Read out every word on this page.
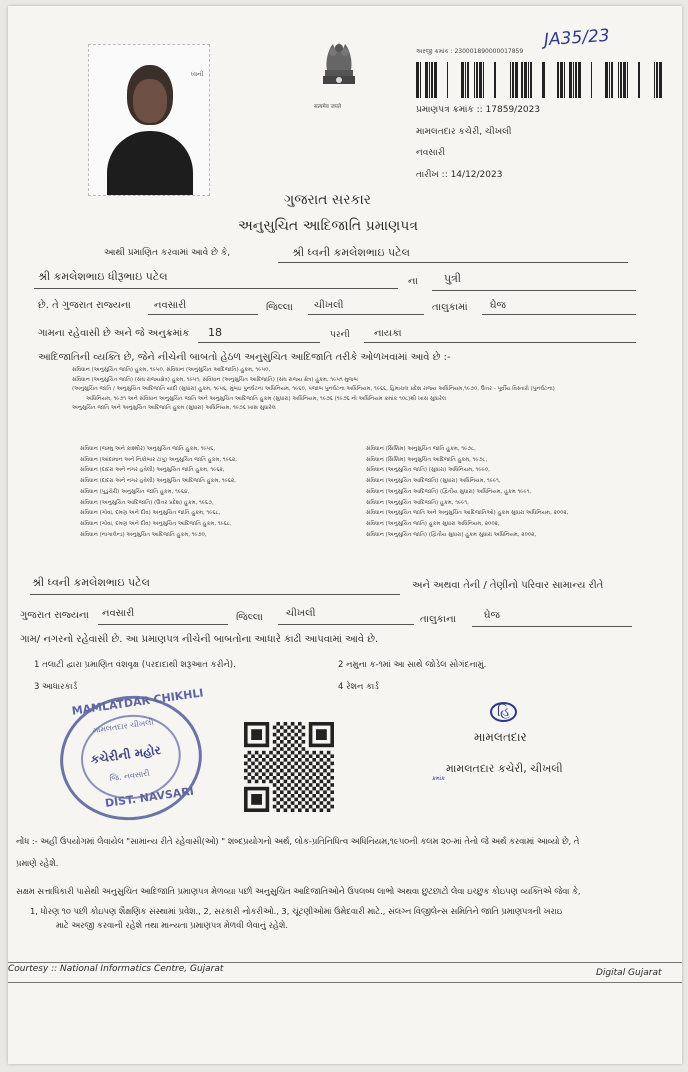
JA35/23
ધ્વની
सत्यमेव जयते
અરજી ક્રમાંક : 230001890000017859
પ્રમાણપત્ર ક્રમાંક :: 17859/2023
મામલતદાર કચેરી, ચીખલી
નવસારી
તારીખ :: 14/12/2023
ગુજરાત સરકાર
અનુસુચિત આદિજાતિ પ્રમાણપત્ર
આથી પ્રમાણિત કરવામાં આવે છે કે,	શ્રી ધ્વની કમલેશભાઇ પટેલ
શ્રી કમલેશભાઇ ધીરૂભાઇ પટેલ	ના પુત્રી
છે. તે ગુજરાત રાજ્યના નવસારી	જિલ્લા ચીખલી	તાલુકામાં ઘેજ
ગામના રહેવાસી છે અને જે અનુક્રમાંક 18	પરની નાયકા
આદિજાતિની વ્યક્તિ છે, જેને નીચેની બાબતો હેઠળ અનુસુચિત આદિજાતિ તરીકે ઓળખવામાં આવે છે :-
સંવિધાન (અનુસુચિત જાતિ) હુકમ, ૧૯૫૦, સંવિધાન (અનુસુચિત આદિજાતિ) હુકમ, ૧૯૫૦,
સંવિધાન (અનુસુચિત જાતિ) (સંઘ રાજ્યક્ષેત્ર) હુકમ, ૧૯૫૧, સંવિધાન (અનુસુચિત આદિજાતિ) (સંઘ રાજ્ય ક્ષેત્ર) હુકમ, ૧૯૫૧ મુજબ
(અનુસુચિત જાતિ / અનુસુચિત આદિજાતિ યાદી (સુધારા) હુકમ, ૧૯૫૬, મુંબઇ પુનર્ઘટના અધિનિયમ, ૧૯૬૦, પંજાબ પુનર્ઘટના અધિનિયમ, ૧૯૬૬, હિમાચલ પ્રદેશ રાજ્ય અધિનિયમ,૧૯૭૦, ઉત્તર - પૂર્વીય વિસ્તારો (પુનર્ઘટના)
અધિનિયમ, ૧૯૭૧ અને સંવિધાન અનુસુચિત જાતિ અને અનુસુચિત આદિજાતિ હુકમ (સુધારા) અધિનિયમ, ૧૯૭૬ (૧૯૭૬ નો અધિનિયમ ક્રમાંક ૧૦૮)થી ખાસ સુધારેલ
અનુસુચિત જાતિ અને અનુસુચિત આદિજાતિ હુકમ (સુધારા) અધિનિયમ, ૧૯૭૬ ખાસ સુધારેલ
સંવિધાન (જમ્મુ અને કાશ્મીર) અનુસુચિત જાતિ હુકમ, ૧૯૫૬,
સંવિધાન (આંદામાન અને નિકોબાર ટાપુ) અનુસુચિત જાતિ હુકમ, ૧૯૬૨,
સંવિધાન (દાદરા અને નગર હવેલી) અનુસુચિત જાતિ હુકમ, ૧૯૬૨,
સંવિધાન (દાદરા અને નગર હવેલી) અનુસુચિત આદિજાતિ હુકમ, ૧૯૬૨,
સંવિધાન (પુડુચેરી) અનુસુચિત જાતિ હુકમ, ૧૯૬૪,
સંવિધાન (અનુસુચિત આદિજાતિ) (ઉત્તર પ્રદેશ) હુકમ, ૧૯૬૭,
સંવિધાન (ગોવા, દમણ અને દીવ) અનુસુચિત જાતિ હુકમ, ૧૯૬૮,
સંવિધાન (ગોવા, દમણ અને દીવ) અનુસુચિત આદિજાતિ હુકમ, ૧૯૬૮,
સંવિધાન (નાગાલેન્ડ) અનુસુચિત આદિજાતિ હુકમ, ૧૯૭૦,
સંવિધાન (સિક્કિમ) અનુસુચિત જાતિ હુકમ, ૧૯૭૮,
સંવિધાન (સિક્કિમ) અનુસુચિત આદિજાતિ હુકમ, ૧૯૭૮,
સંવિધાન (અનુસુચિત જાતિ) (સુધારા) અધિનિયમ, ૧૯૯૦,
સંવિધાન (અનુસુચિત આદિજાતિ) (સુધારા) અધિનિયમ, ૧૯૯૧,
સંવિધાન (અનુસુચિત આદિજાતિ) (દ્વિતીય સુધારા) અધિનિયમ, હુકમ ૧૯૯૧,
સંવિધાન (અનુસુચિત આદિજાતિ) હુકમ, ૧૯૯૧,
સંવિધાન (અનુસુચિત જાતિ અને અનુસુચિત આદિજાતિઓ) હુકમ સુધારા અધિનિયમ, ૨૦૦૨,
સંવિધાન (અનુસુચિત જાતિ) હુકમ સુધારા અધિનિયમ, ૨૦૦૨,
સંવિધાન (અનુસુચિત જાતિ) (દ્વિતીય સુધારા) હુકમ સુધારા અધિનિયમ, ૨૦૦૨,
શ્રી ધ્વની કમલેશભાઇ પટેલ	અને અથવા તેની / તેણીનો પરિવાર સામાન્ય રીતે
ગુજરાત રાજ્યના નવસારી	જિલ્લા ચીખલી
તાલુકાના	ઘેજ
ગામ/ નગરનો રહેવાસી છે. આ પ્રમાણપત્ર નીચેની બાબતોના આધારે કાઢી આપવામાં આવે છે.
1 તલાટી દ્વારા પ્રમાણિત વંશવૃક્ષ (પરદાદાથી શરૂઆત કરીને).	2 નમુના ક-૧માં આ સાથે જોડેલ સોગંદનામું.
3 આધારકાર્ડ	4 રેશન કાર્ડ
MAMLATDAR CHIKHLI
મામલતદાર ચીખલી
કચેરીની મહોર
જિ. નવસારી
DIST. NAVSARI
હિ
મામલતદાર
મામલતદાર કચેરી, ચીખલી
ક્રમાંક
નોંધ :- અહીં ઉપયોગમાં લેવાયેલ "સામાન્ય રીતે રહેવાસી(ઓ) " શબ્દપ્રયોગનો અર્થ, લોક-પ્રતિનિધિત્વ અધિનિયમ,૧૯૫૦ની કલમ ૨૦-માં તેનો જે અર્થ કરવામાં આવ્યો છે, તે
પ્રમાણે રહેશે.
સક્ષમ સત્તાધિકારી પાસેથી અનુસુચિત આદિજાતિ પ્રમાણપત્ર મેળવ્યા પછી અનુસુચિત આદિજાતિઓને ઉપલબ્ધ લાભો અથવા છુટછાટો લેવા ઇચ્છુક કોઇપણ વ્યક્તિએ જેવા કે,
1, ધોરણ ૧૦ પછી કોઇપણ શૈક્ષણિક સંસ્થામાં પ્રવેશ., 2, સરકારી નોકરીઓ., 3, ચૂંટણીઓમાં ઉમેદવારી માટે., સંલગ્ન વિજીલેન્સ સમિતિને જાતિ પ્રમાણપત્રની ખરાઇ
માટે અરજી કરવાની રહેશે તથા માન્યતા પ્રમાણપત્ર મેળવી લેવાનું રહેશે.
Courtesy :: National Informatics Centre, Gujarat	Digital Gujarat
